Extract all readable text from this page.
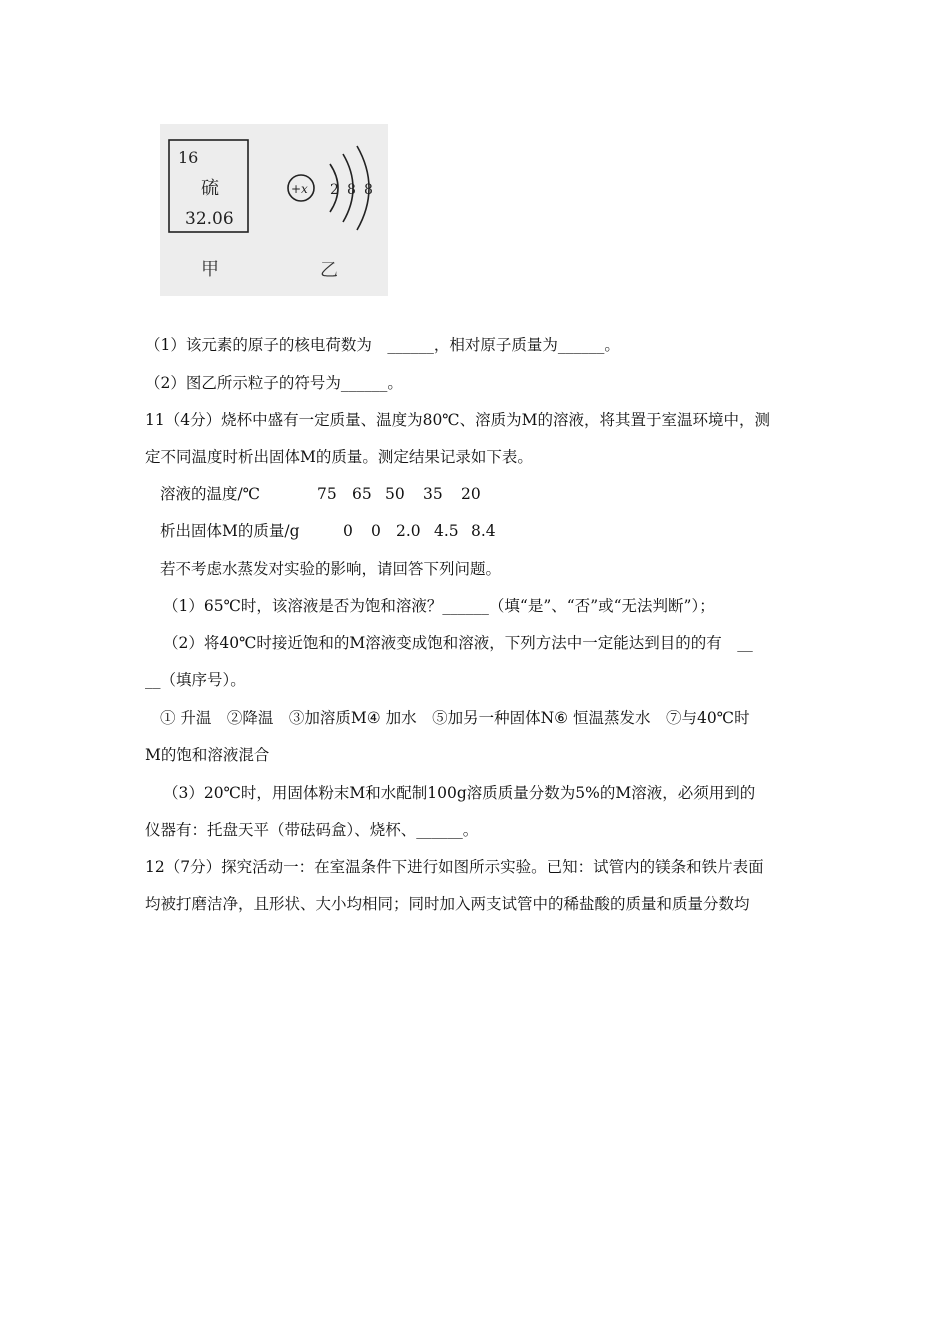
16
硫
32.06
甲
+x 2 8 8
乙
（1）该元素的原子的核电荷数为　______，相对原子质量为______。
（2）图乙所示粒子的符号为______。
11（4分）烧杯中盛有一定质量、温度为80℃、溶质为M的溶液，将其置于室温环境中，测
定不同温度时析出固体M的质量。测定结果记录如下表。
溶液的温度/℃	75 65 50 35 20
析出固体M的质量/g	0 0 2.0 4.5 8.4
若不考虑水蒸发对实验的影响，请回答下列问题。
（1）65℃时，该溶液是否为饱和溶液？______（填“是”、“否”或“无法判断”）；
（2）将40℃时接近饱和的M溶液变成饱和溶液，下列方法中一定能达到目的的有　__
__（填序号）。
① 升温　②降温　③加溶质M④ 加水　⑤加另一种固体N⑥ 恒温蒸发水　⑦与40℃时
M的饱和溶液混合
（3）20℃时，用固体粉末M和水配制100g溶质质量分数为5%的M溶液，必须用到的
仪器有：托盘天平（带砝码盒）、烧杯、______。
12（7分）探究活动一：在室温条件下进行如图所示实验。已知：试管内的镁条和铁片表面
均被打磨洁净，且形状、大小均相同；同时加入两支试管中的稀盐酸的质量和质量分数均
